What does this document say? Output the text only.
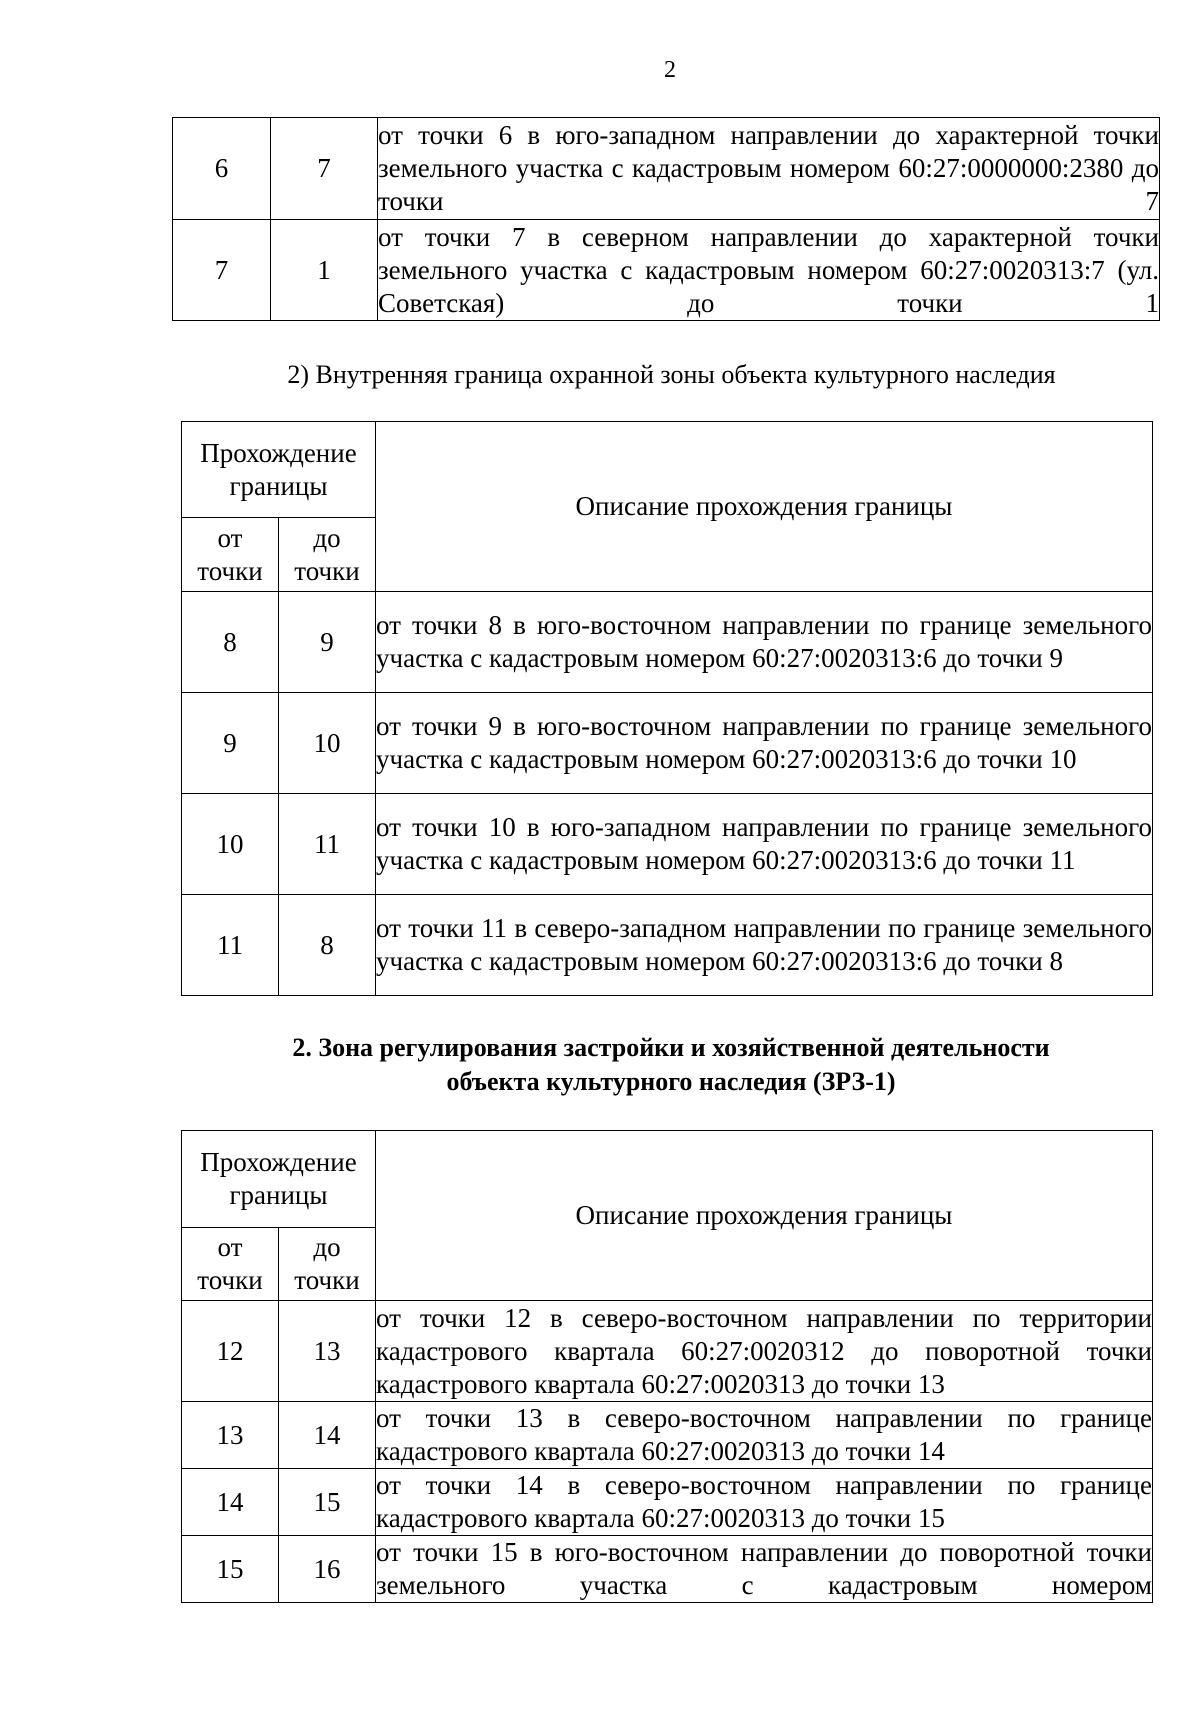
2
6	7	от точки 6 в юго-западном направлении до характерной точки земельного участка с кадастровым номером 60:27:0000000:2380 до точки 7
7	1	от точки 7 в северном направлении до характерной точки земельного участка с кадастровым номером 60:27:0020313:7 (ул. Советская) до точки 1
2) Внутренняя граница охранной зоны объекта культурного наследия
Прохождение границы		Описание прохождения границы
от точки	до точки	
8	9	от точки 8 в юго-восточном направлении по границе земельного участка с кадастровым номером 60:27:0020313:6 до точки 9
9	10	от точки 9 в юго-восточном направлении по границе земельного участка с кадастровым номером 60:27:0020313:6 до точки 10
10	11	от точки 10 в юго-западном направлении по границе земельного участка с кадастровым номером 60:27:0020313:6 до точки 11
11	8	от точки 11 в северо-западном направлении по границе земельного участка с кадастровым номером 60:27:0020313:6 до точки 8
2. Зона регулирования застройки и хозяйственной деятельности
объекта культурного наследия (ЗРЗ-1)
Прохождение границы		Описание прохождения границы
от точки	до точки	
12	13	от точки 12 в северо-восточном направлении по территории кадастрового квартала 60:27:0020312 до поворотной точки кадастрового квартала 60:27:0020313 до точки 13
13	14	от точки 13 в северо-восточном направлении по границе кадастрового квартала 60:27:0020313 до точки 14
14	15	от точки 14 в северо-восточном направлении по границе кадастрового квартала 60:27:0020313 до точки 15
15	16	от точки 15 в юго-восточном направлении до поворотной точки земельного участка с кадастровым номером
